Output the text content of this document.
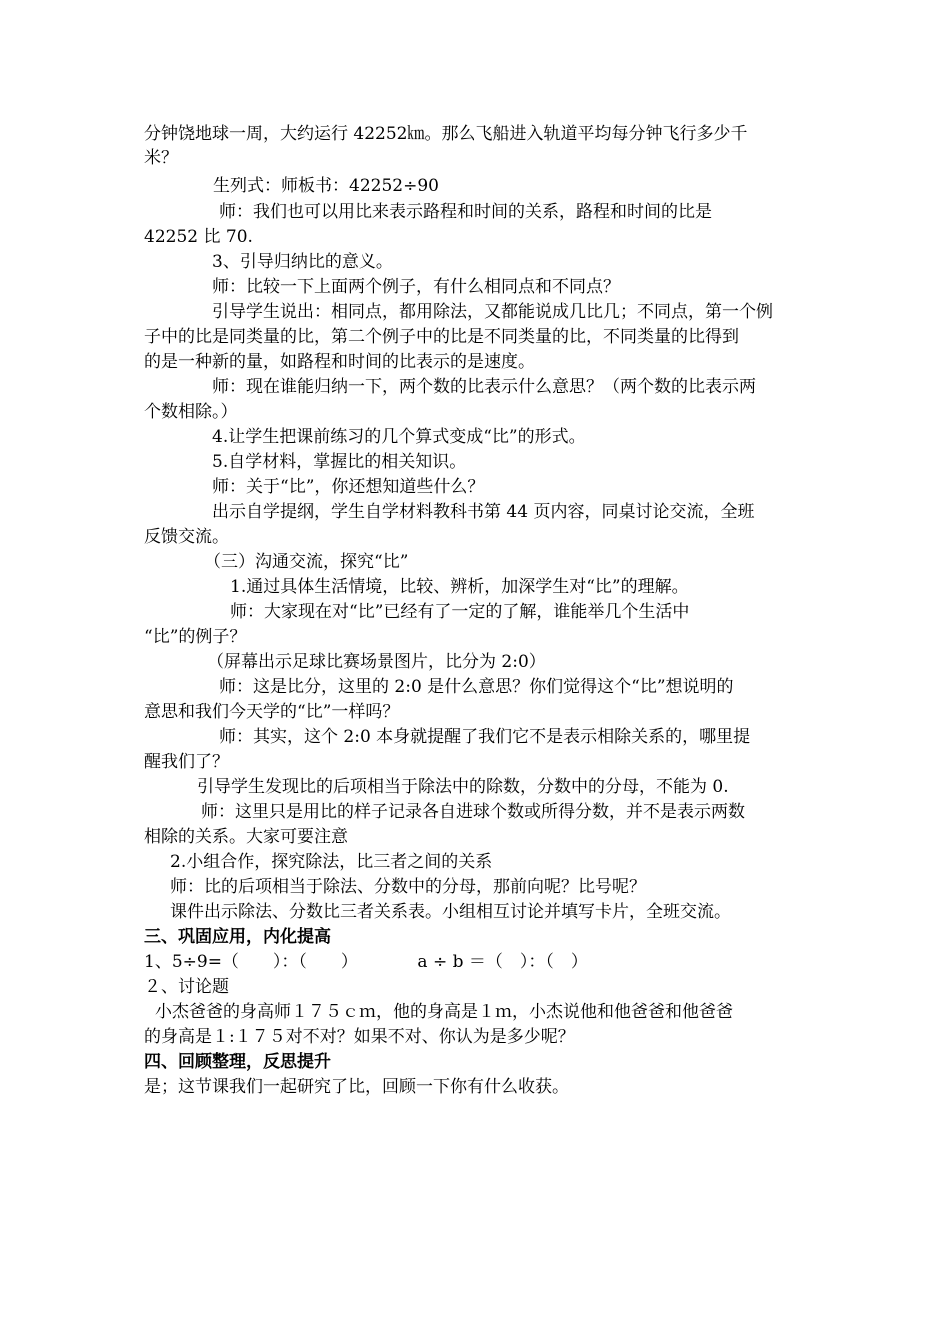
分钟饶地球一周，大约运行 42252㎞。那么飞船进入轨道平均每分钟飞行多少千
米？
生列式：师板书：42252÷90
师：我们也可以用比来表示路程和时间的关系，路程和时间的比是
42252 比 70.
3、引导归纳比的意义。
师：比较一下上面两个例子，有什么相同点和不同点？
引导学生说出：相同点，都用除法，又都能说成几比几；不同点，第一个例
子中的比是同类量的比，第二个例子中的比是不同类量的比，不同类量的比得到
的是一种新的量，如路程和时间的比表示的是速度。
师：现在谁能归纳一下，两个数的比表示什么意思？（两个数的比表示两
个数相除。）
4.让学生把课前练习的几个算式变成“比”的形式。
5.自学材料，掌握比的相关知识。
师：关于“比”，你还想知道些什么？
出示自学提纲，学生自学材料教科书第 44 页内容，同桌讨论交流，全班
反馈交流。
（三）沟通交流，探究“比”
1.通过具体生活情境，比较、辨析，加深学生对“比”的理解。
师：大家现在对“比”已经有了一定的了解，谁能举几个生活中
“比”的例子？
（屏幕出示足球比赛场景图片，比分为 2:0）
师：这是比分，这里的 2:0 是什么意思？你们觉得这个“比”想说明的
意思和我们今天学的“比”一样吗？
师：其实，这个 2:0 本身就提醒了我们它不是表示相除关系的，哪里提
醒我们了？
引导学生发现比的后项相当于除法中的除数，分数中的分母，不能为 0.
师：这里只是用比的样子记录各自进球个数或所得分数，并不是表示两数
相除的关系。大家可要注意
2.小组合作，探究除法，比三者之间的关系
师：比的后项相当于除法、分数中的分母，那前向呢？比号呢？
课件出示除法、分数比三者关系表。小组相互讨论并填写卡片，全班交流。
三、巩固应用，内化提高
1、5÷9=（　　）：（　　）　　　　a ÷ b ＝（　）：（　）
２、讨论题
小杰爸爸的身高师１７５ｃｍ，他的身高是１ｍ，小杰说他和他爸爸和他爸爸
的身高是１:１７５对不对？如果不对、你认为是多少呢？
四、回顾整理，反思提升
是；这节课我们一起研究了比，回顾一下你有什么收获。
